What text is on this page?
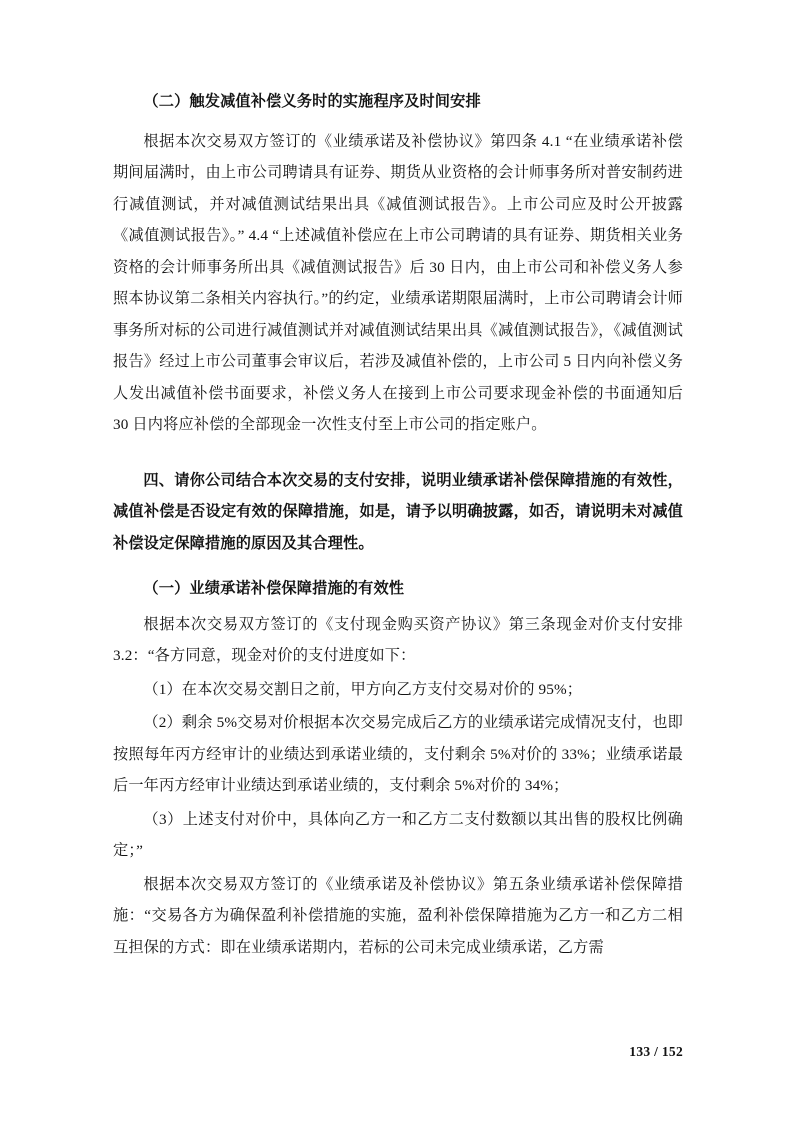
（二）触发减值补偿义务时的实施程序及时间安排

根据本次交易双方签订的《业绩承诺及补偿协议》第四条 4.1 “在业绩承诺补偿期间届满时，由上市公司聘请具有证券、期货从业资格的会计师事务所对普安制药进行减值测试，并对减值测试结果出具《减值测试报告》。上市公司应及时公开披露《减值测试报告》。” 4.4 “上述减值补偿应在上市公司聘请的具有证券、期货相关业务资格的会计师事务所出具《减值测试报告》后 30 日内，由上市公司和补偿义务人参照本协议第二条相关内容执行。”的约定，业绩承诺期限届满时，上市公司聘请会计师事务所对标的公司进行减值测试并对减值测试结果出具《减值测试报告》，《减值测试报告》经过上市公司董事会审议后，若涉及减值补偿的，上市公司 5 日内向补偿义务人发出减值补偿书面要求，补偿义务人在接到上市公司要求现金补偿的书面通知后 30 日内将应补偿的全部现金一次性支付至上市公司的指定账户。

四、请你公司结合本次交易的支付安排，说明业绩承诺补偿保障措施的有效性，减值补偿是否设定有效的保障措施，如是，请予以明确披露，如否，请说明未对减值补偿设定保障措施的原因及其合理性。

（一）业绩承诺补偿保障措施的有效性

根据本次交易双方签订的《支付现金购买资产协议》第三条现金对价支付安排 3.2：“各方同意，现金对价的支付进度如下：

（1）在本次交易交割日之前，甲方向乙方支付交易对价的 95%；

（2）剩余 5%交易对价根据本次交易完成后乙方的业绩承诺完成情况支付，也即按照每年丙方经审计的业绩达到承诺业绩的，支付剩余 5%对价的 33%；业绩承诺最后一年丙方经审计业绩达到承诺业绩的，支付剩余 5%对价的 34%；

（3）上述支付对价中，具体向乙方一和乙方二支付数额以其出售的股权比例确定；”

根据本次交易双方签订的《业绩承诺及补偿协议》第五条业绩承诺补偿保障措施：“交易各方为确保盈利补偿措施的实施，盈利补偿保障措施为乙方一和乙方二相互担保的方式：即在业绩承诺期内，若标的公司未完成业绩承诺，乙方需

133 / 152
